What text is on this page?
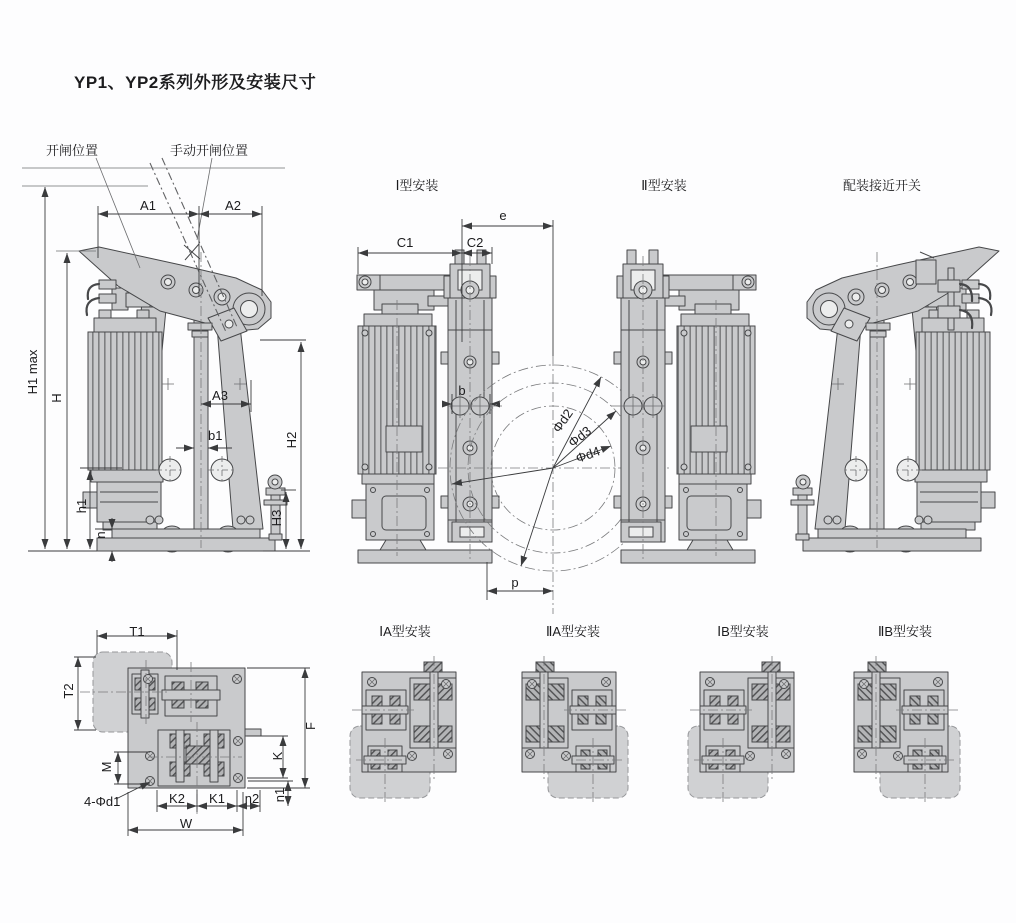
YP1、YP2系列外形及安装尺寸
开闸位置	手动开闸位置
A1	A2
A3
b1
H1 max
H
h1
n
H2
H3
Ⅰ型安装	Ⅱ型安装	配装接近开关
e
C1	C2
b
Φd2
Φd3
Φd4
p
T1
T2
F
M
K
K2	K1	n2 n1
W
4-Φd1
ⅠA型安装	ⅡA型安装	ⅠB型安装	ⅡB型安装
